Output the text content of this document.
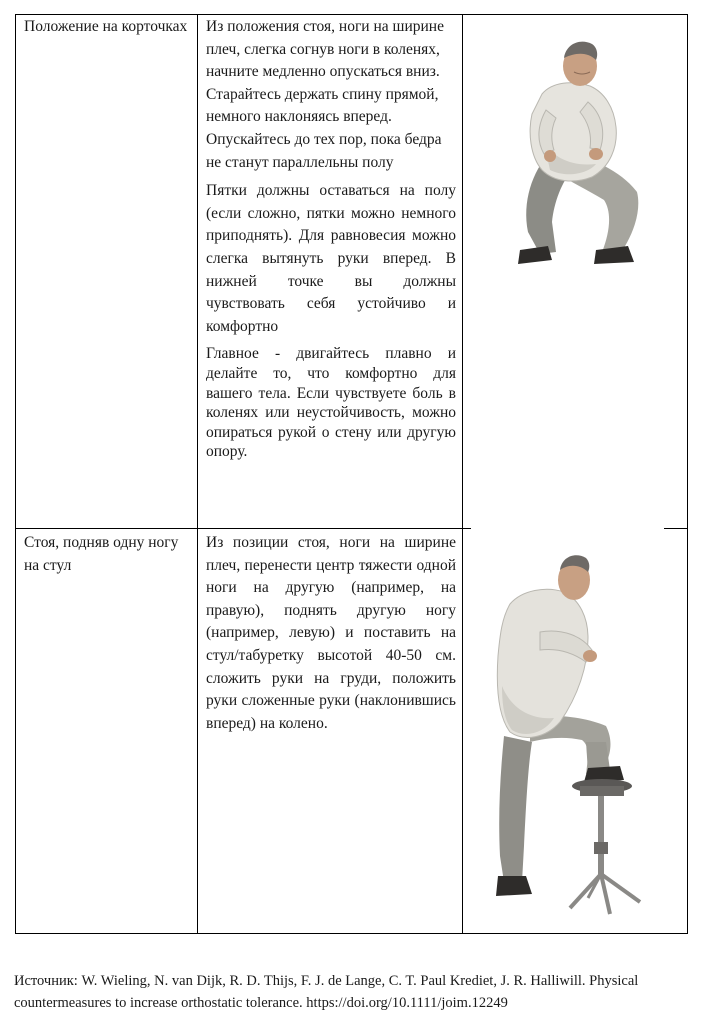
Положение на корточках	Из положения стоя, ноги на ширине плеч, слегка согнув ноги в коленях, начните медленно опускаться вниз. Старайтесь держать спину прямой, немного наклоняясь вперед. Опускайтесь до тех пор, пока бедра не станут параллельны полу
Пятки должны оставаться на полу (если сложно, пятки можно немного приподнять). Для равновесия можно слегка вытянуть руки вперед. В нижней точке вы должны чувствовать себя устойчиво и комфортно
Главное - двигайтесь плавно и делайте то, что комфортно для вашего тела. Если чувствуете боль в коленях или неустойчивость, можно опираться рукой о стену или другую опору.
Стоя, подняв одну ногу на стул
Из позиции стоя, ноги на ширине плеч, перенести центр тяжести одной ноги на другую (например, на правую), поднять другую ногу (например, левую) и поставить на стул/табуретку высотой 40-50 см. сложить руки на груди, положить руки сложенные руки (наклонившись вперед) на колено.
Источник: W. Wieling, N. van Dijk, R. D. Thijs, F. J. de Lange, C. T. Paul Krediet, J. R. Halliwill. Physical countermeasures to increase orthostatic tolerance. https://doi.org/10.1111/joim.12249
